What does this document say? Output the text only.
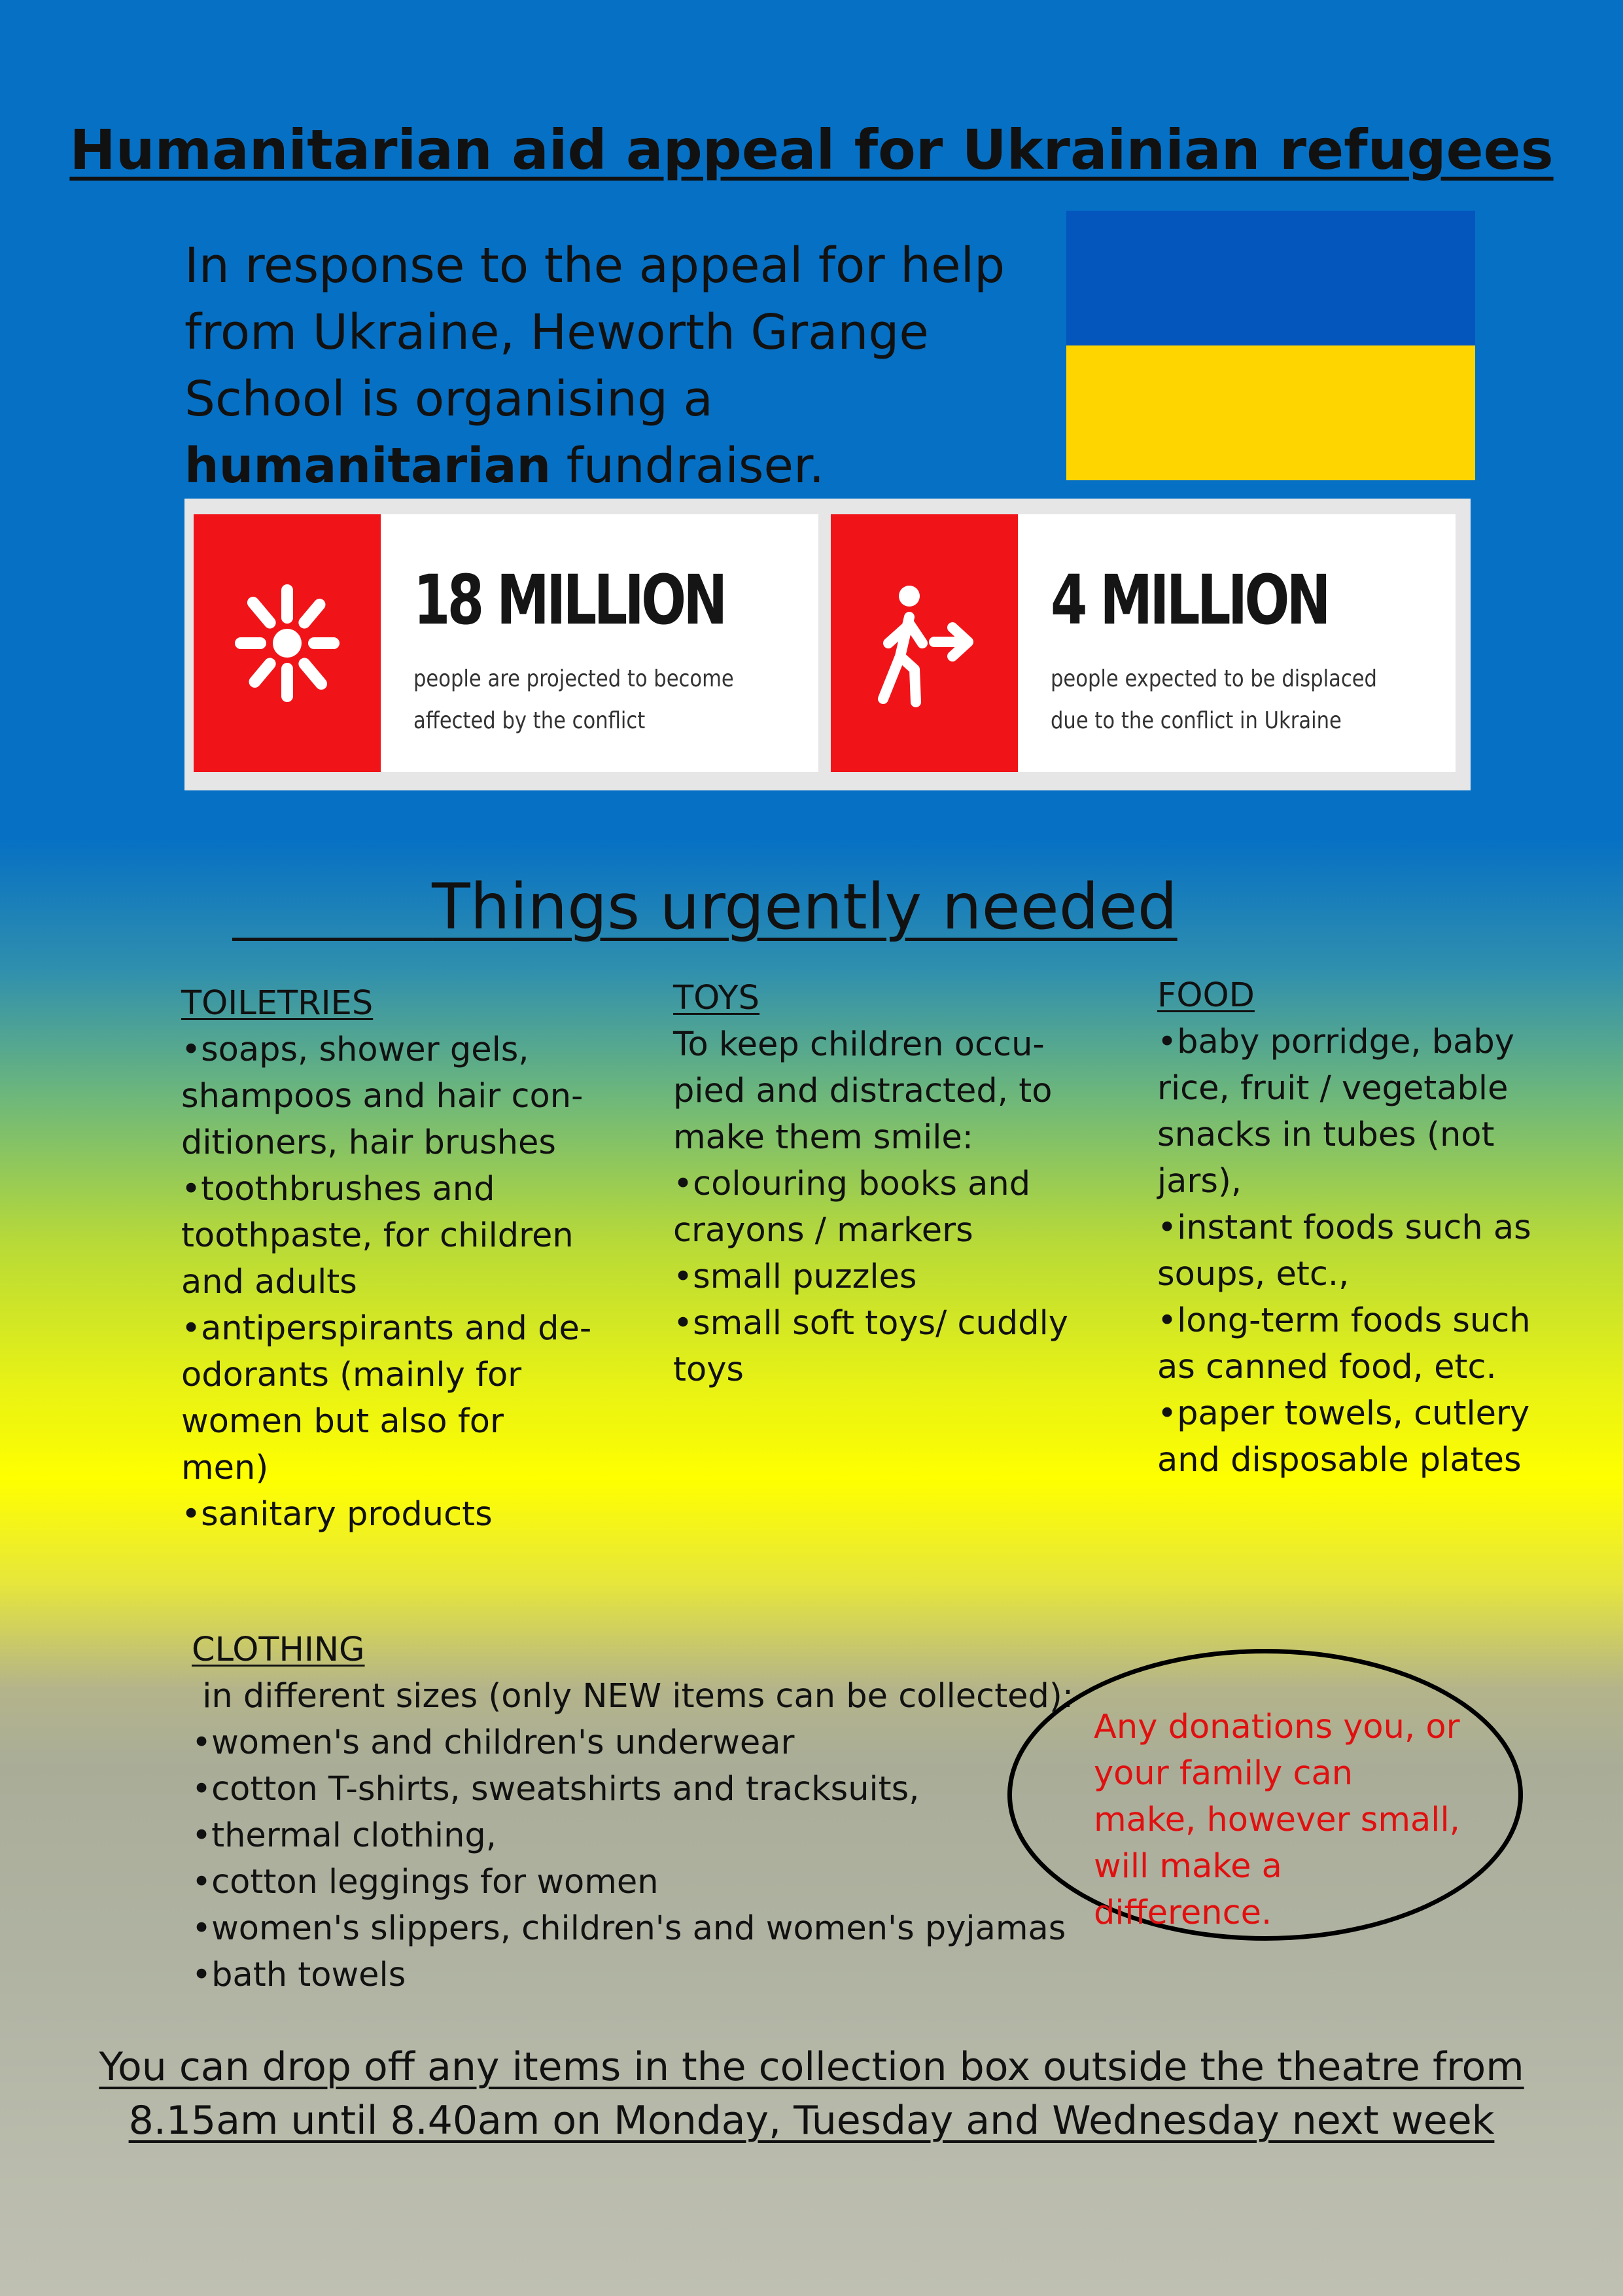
Humanitarian aid appeal for Ukrainian refugees
In response to the appeal for help from Ukraine, Heworth Grange School is organising a humanitarian fundraiser.
18 MILLION
people are projected to become affected by the conflict
4 MILLION
people expected to be displaced due to the conflict in Ukraine
Things urgently needed
TOILETRIES
•soaps, shower gels,
shampoos and hair con-
ditioners, hair brushes
•toothbrushes and
toothpaste, for children
and adults
•antiperspirants and de-
odorants (mainly for
women but also for
men)
•sanitary products
TOYS
To keep children occu-
pied and distracted, to
make them smile:
•colouring books and
crayons / markers
•small puzzles
•small soft toys/ cuddly
toys
FOOD
•baby porridge, baby
rice, fruit / vegetable
snacks in tubes (not
jars),
•instant foods such as
soups, etc.,
•long-term foods such
as canned food, etc.
•paper towels, cutlery
and disposable plates
CLOTHING
in different sizes (only NEW items can be collected):
•women's and children's underwear
•cotton T-shirts, sweatshirts and tracksuits,
•thermal clothing,
•cotton leggings for women
•women's slippers, children's and women's pyjamas
•bath towels
Any donations you, or your family can make, however small, will make a difference.
You can drop off any items in the collection box outside the theatre from
8.15am until 8.40am on Monday, Tuesday and Wednesday next week
